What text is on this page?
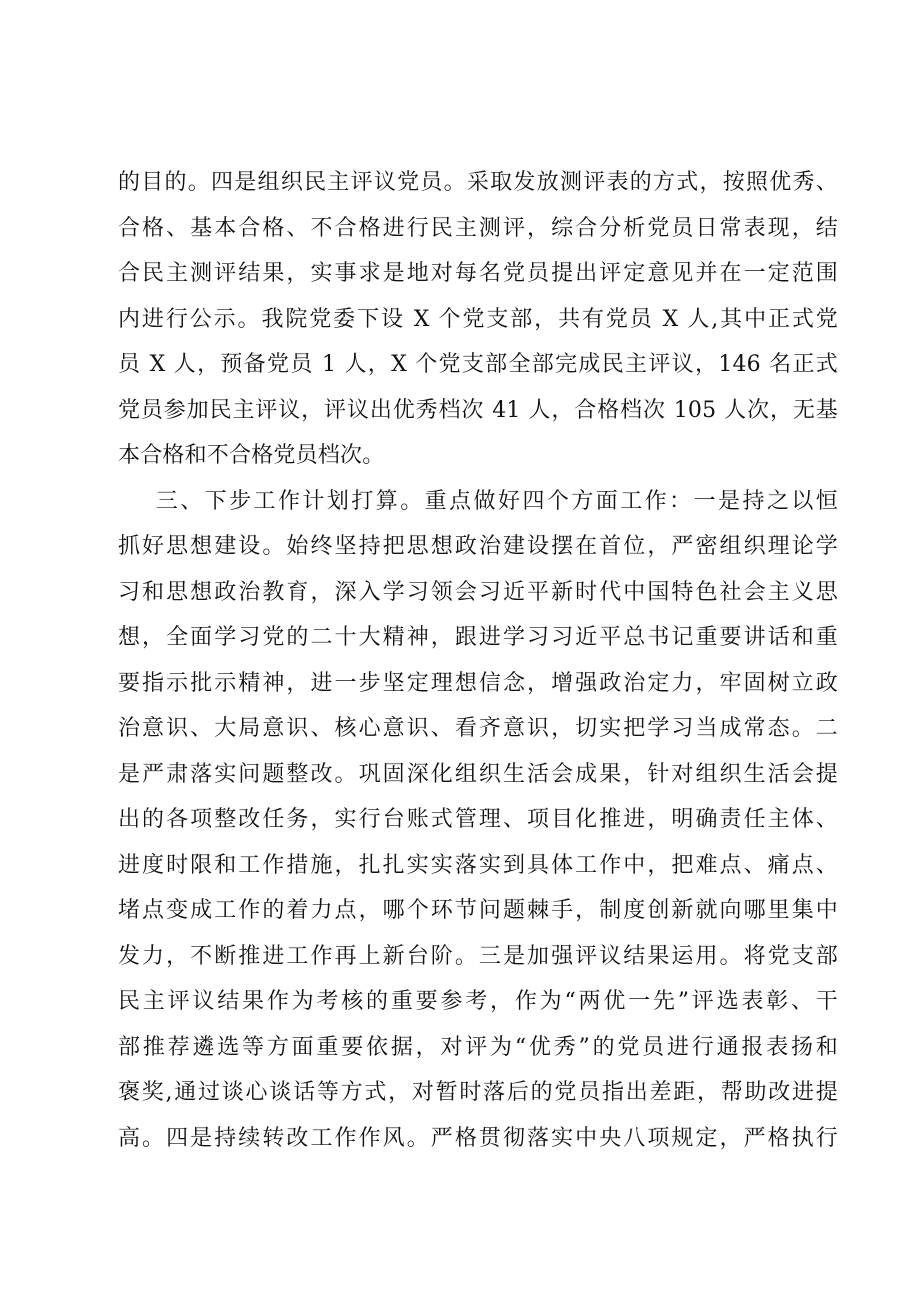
的目的。四是组织民主评议党员。采取发放测评表的方式，按照优秀、
合格、基本合格、不合格进行民主测评，综合分析党员日常表现，结
合民主测评结果，实事求是地对每名党员提出评定意见并在一定范围
内进行公示。我院党委下设 X 个党支部，共有党员 X 人,其中正式党
员 X 人，预备党员 1 人，X 个党支部全部完成民主评议，146 名正式
党员参加民主评议，评议出优秀档次 41 人，合格档次 105 人次，无基
本合格和不合格党员档次。
三、下步工作计划打算。重点做好四个方面工作：一是持之以恒
抓好思想建设。始终坚持把思想政治建设摆在首位，严密组织理论学
习和思想政治教育，深入学习领会习近平新时代中国特色社会主义思
想，全面学习党的二十大精神，跟进学习习近平总书记重要讲话和重
要指示批示精神，进一步坚定理想信念，增强政治定力，牢固树立政
治意识、大局意识、核心意识、看齐意识，切实把学习当成常态。二
是严肃落实问题整改。巩固深化组织生活会成果，针对组织生活会提
出的各项整改任务，实行台账式管理、项目化推进，明确责任主体、
进度时限和工作措施，扎扎实实落实到具体工作中，把难点、痛点、
堵点变成工作的着力点，哪个环节问题棘手，制度创新就向哪里集中
发力，不断推进工作再上新台阶。三是加强评议结果运用。将党支部
民主评议结果作为考核的重要参考，作为“两优一先”评选表彰、干
部推荐遴选等方面重要依据，对评为“优秀”的党员进行通报表扬和
褒奖,通过谈心谈话等方式，对暂时落后的党员指出差距，帮助改进提
高。四是持续转改工作作风。严格贯彻落实中央八项规定，严格执行
